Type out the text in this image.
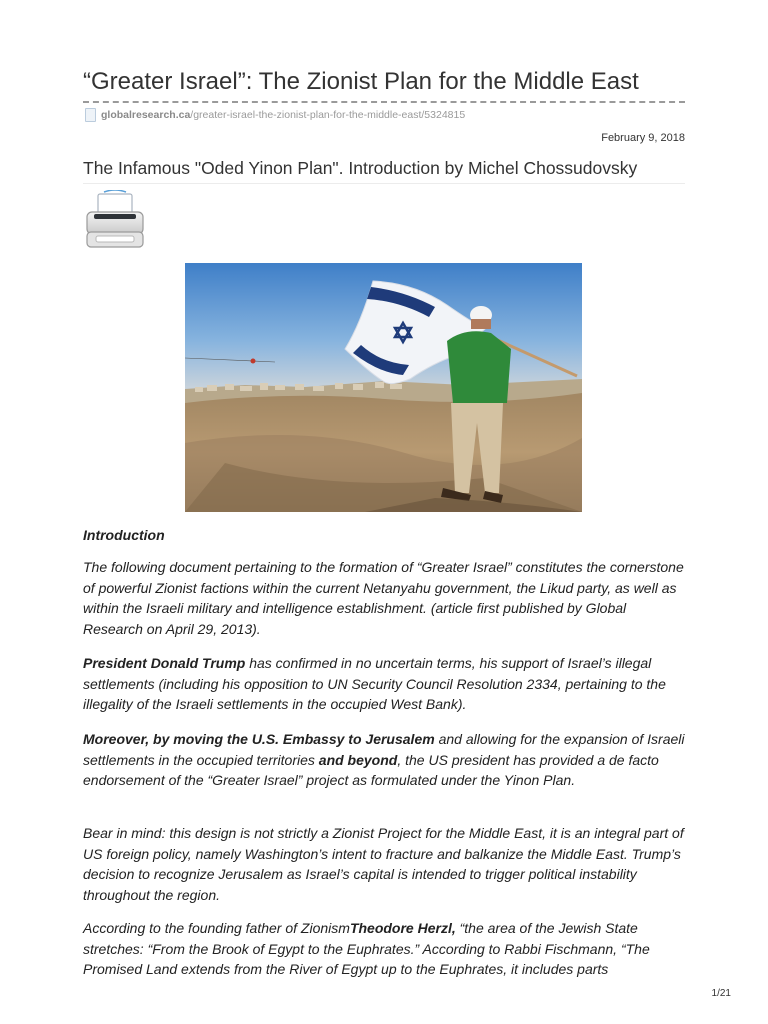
“Greater Israel”: The Zionist Plan for the Middle East
globalresearch.ca /greater-israel-the-zionist-plan-for-the-middle-east/5324815
February 9, 2018
The Infamous "Oded Yinon Plan". Introduction by Michel Chossudovsky
Introduction
The following document pertaining to the formation of “Greater Israel” constitutes the cornerstone of powerful Zionist factions within the current Netanyahu government, the Likud party, as well as within the Israeli military and intelligence establishment. (article first published by Global Research on April 29, 2013).
President Donald Trump has confirmed in no uncertain terms, his support of Israel’s illegal settlements (including his opposition to UN Security Council Resolution 2334, pertaining to the illegality of the Israeli settlements in the occupied West Bank).
Moreover, by moving the U.S. Embassy to Jerusalem and allowing for the expansion of Israeli settlements in the occupied territories and beyond, the US president has provided a de facto endorsement of the “Greater Israel” project as formulated under the Yinon Plan.
Bear in mind: this design is not strictly a Zionist Project for the Middle East, it is an integral part of US foreign policy, namely Washington’s intent to fracture and balkanize the Middle East. Trump’s decision to recognize Jerusalem as Israel’s capital is intended to trigger political instability throughout the region.
According to the founding father of ZionismTheodore Herzl, “the area of the Jewish State stretches: “From the Brook of Egypt to the Euphrates.” According to Rabbi Fischmann, “The Promised Land extends from the River of Egypt up to the Euphrates, it includes parts
1/21
